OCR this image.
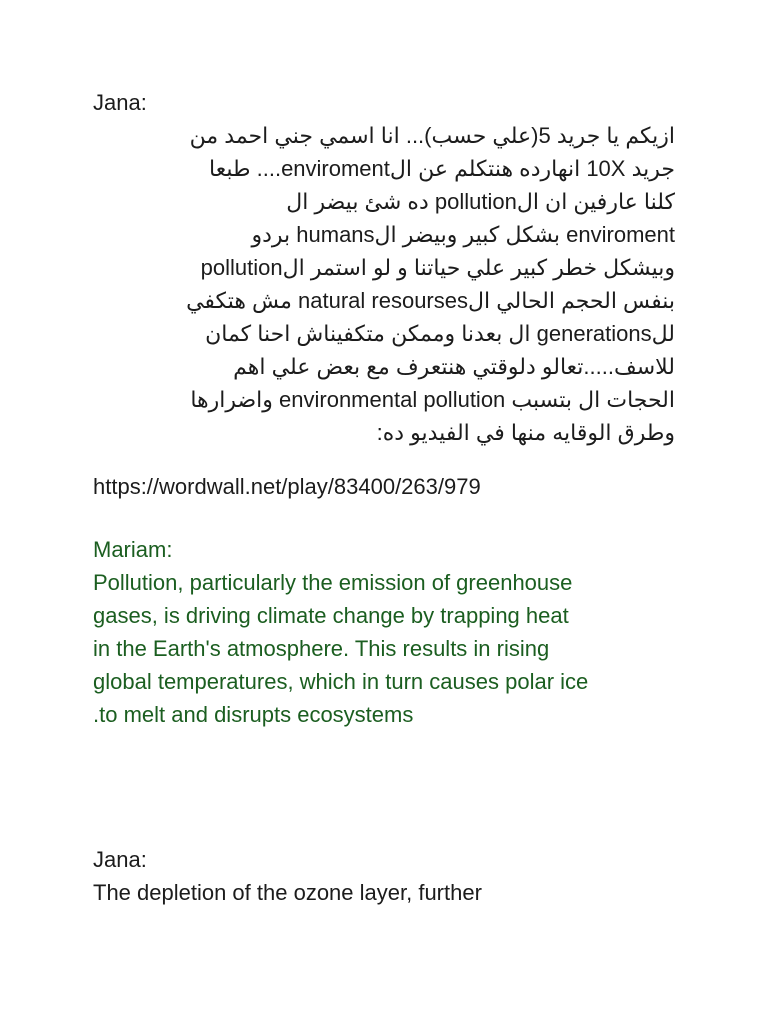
Jana:
ازيكم يا جريد 5(علي حسب)... انا اسمي جني احمد من
جريد 10X انهارده هنتكلم عن الenviroment.... طبعا
كلنا عارفين ان الpollution ده شئ بيضر ال
enviroment بشكل كبير وبيضر الhumans بردو
وبيشكل خطر كبير علي حياتنا و لو استمر الpollution
بنفس الحجم الحالي الnatural resourses مش هتكفي
للgenerations ال بعدنا وممكن متكفيناش احنا كمان
للاسف.....تعالو دلوقتي هنتعرف مع بعض علي اهم
الحجات ال بتسبب environmental pollution واضرارها
وطرق الوقايه منها في الفيديو ده:
https://wordwall.net/play/83400/263/979
Mariam:
Pollution, particularly the emission of greenhouse
gases, is driving climate change by trapping heat
in the Earth's atmosphere. This results in rising
global temperatures, which in turn causes polar ice
.to melt and disrupts ecosystems
Jana:
The depletion of the ozone layer, further
